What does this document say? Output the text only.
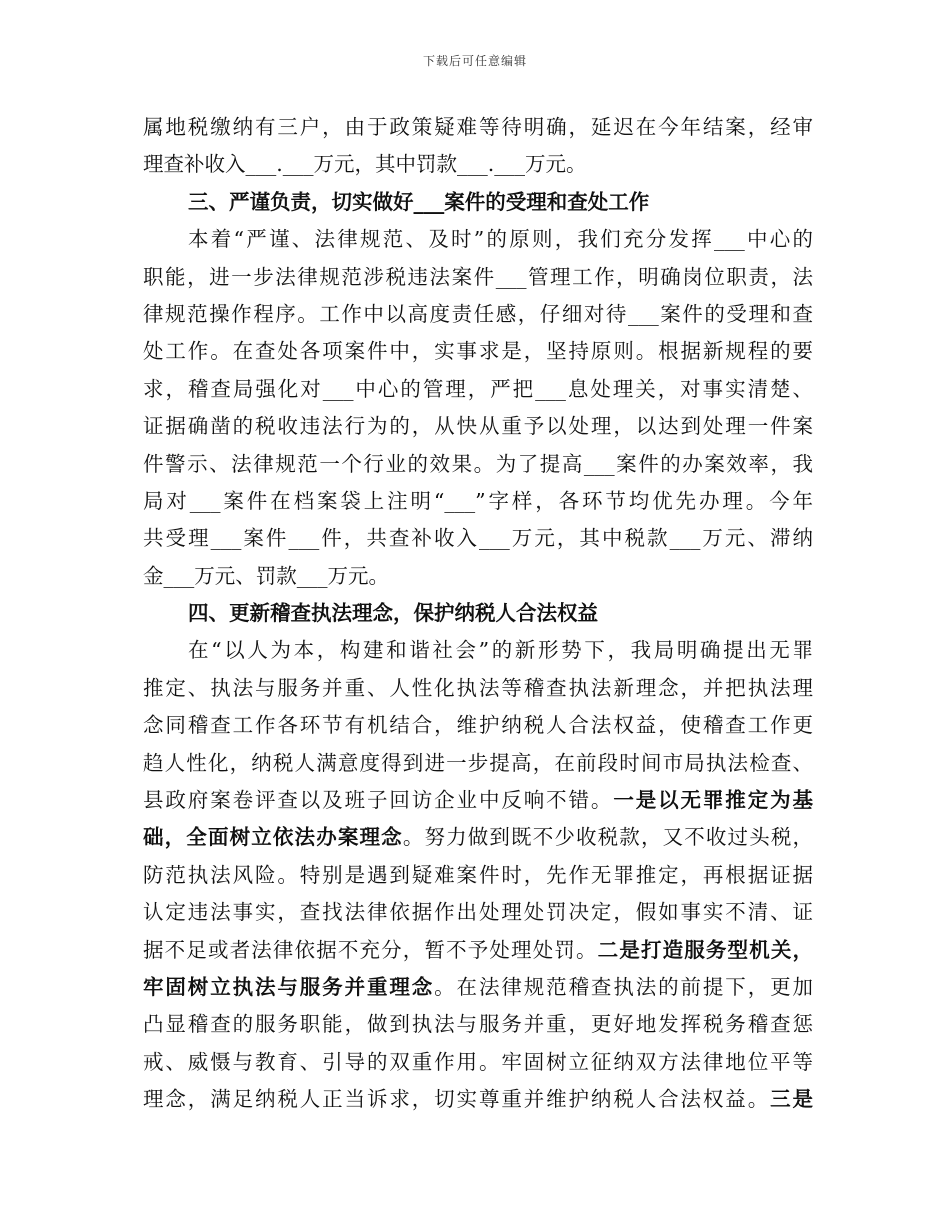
下载后可任意编辑
属地税缴纳有三户，由于政策疑难等待明确，延迟在今年结案，经审
理查补收入___.___万元，其中罚款___.___万元。
三、严谨负责，切实做好___案件的受理和查处工作
本着“严谨、法律规范、及时”的原则，我们充分发挥___中心的
职能，进一步法律规范涉税违法案件___管理工作，明确岗位职责，法
律规范操作程序。工作中以高度责任感，仔细对待___案件的受理和查
处工作。在查处各项案件中，实事求是，坚持原则。根据新规程的要
求，稽查局强化对___中心的管理，严把___息处理关，对事实清楚、
证据确凿的税收违法行为的，从快从重予以处理，以达到处理一件案
件警示、法律规范一个行业的效果。为了提高___案件的办案效率，我
局对___案件在档案袋上注明“___”字样，各环节均优先办理。今年
共受理___案件___件，共查补收入___万元，其中税款___万元、滞纳
金___万元、罚款___万元。
四、更新稽查执法理念，保护纳税人合法权益
在“以人为本，构建和谐社会”的新形势下，我局明确提出无罪
推定、执法与服务并重、人性化执法等稽查执法新理念，并把执法理
念同稽查工作各环节有机结合，维护纳税人合法权益，使稽查工作更
趋人性化，纳税人满意度得到进一步提高，在前段时间市局执法检查、
县政府案卷评查以及班子回访企业中反响不错。一是以无罪推定为基
础，全面树立依法办案理念。努力做到既不少收税款，又不收过头税，
防范执法风险。特别是遇到疑难案件时，先作无罪推定，再根据证据
认定违法事实，查找法律依据作出处理处罚决定，假如事实不清、证
据不足或者法律依据不充分，暂不予处理处罚。二是打造服务型机关，
牢固树立执法与服务并重理念。在法律规范稽查执法的前提下，更加
凸显稽查的服务职能，做到执法与服务并重，更好地发挥税务稽查惩
戒、威慑与教育、引导的双重作用。牢固树立征纳双方法律地位平等
理念，满足纳税人正当诉求，切实尊重并维护纳税人合法权益。三是
